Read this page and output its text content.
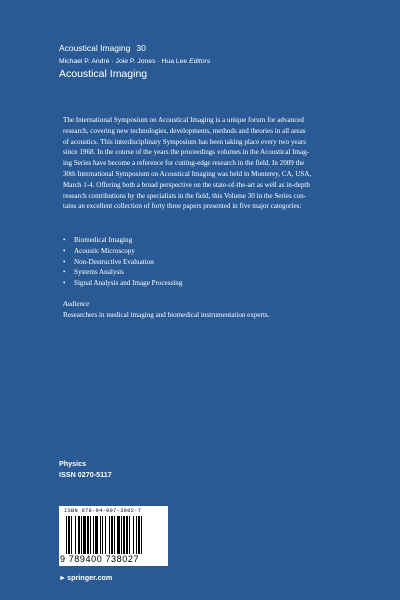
Acoustical Imaging 30
Michael P. André · Joie P. Jones · Hua Lee Editors
Acoustical Imaging
The International Symposium on Acoustical Imaging is a unique forum for advanced
research, covering new technologies, developments, methods and theories in all areas
of acoustics. This interdisciplinary Symposium has been taking place every two years
since 1968. In the course of the years the proceedings volumes in the Acoustical Imag-
ing Series have become a reference for cutting-edge research in the field. In 2009 the
30th International Symposium on Acoustical Imaging was held in Monterey, CA, USA,
March 1-4. Offering both a broad perspective on the state-of-the-art as well as in-depth
research contributions by the specialists in the field, this Volume 30 in the Series con-
tains an excellent collection of forty three papers presented in five major categories:
• Biomedical Imaging
• Acoustic Microscopy
• Non-Destructive Evaluation
• Systems Analysis
• Signal Analysis and Image Processing
Audience
Researchers in medical imaging and biomedical instrumentation experts.
Physics
ISSN 0270-5117
ISBN 978-94-007-3802-7
9 789400 738027
►springer.com
